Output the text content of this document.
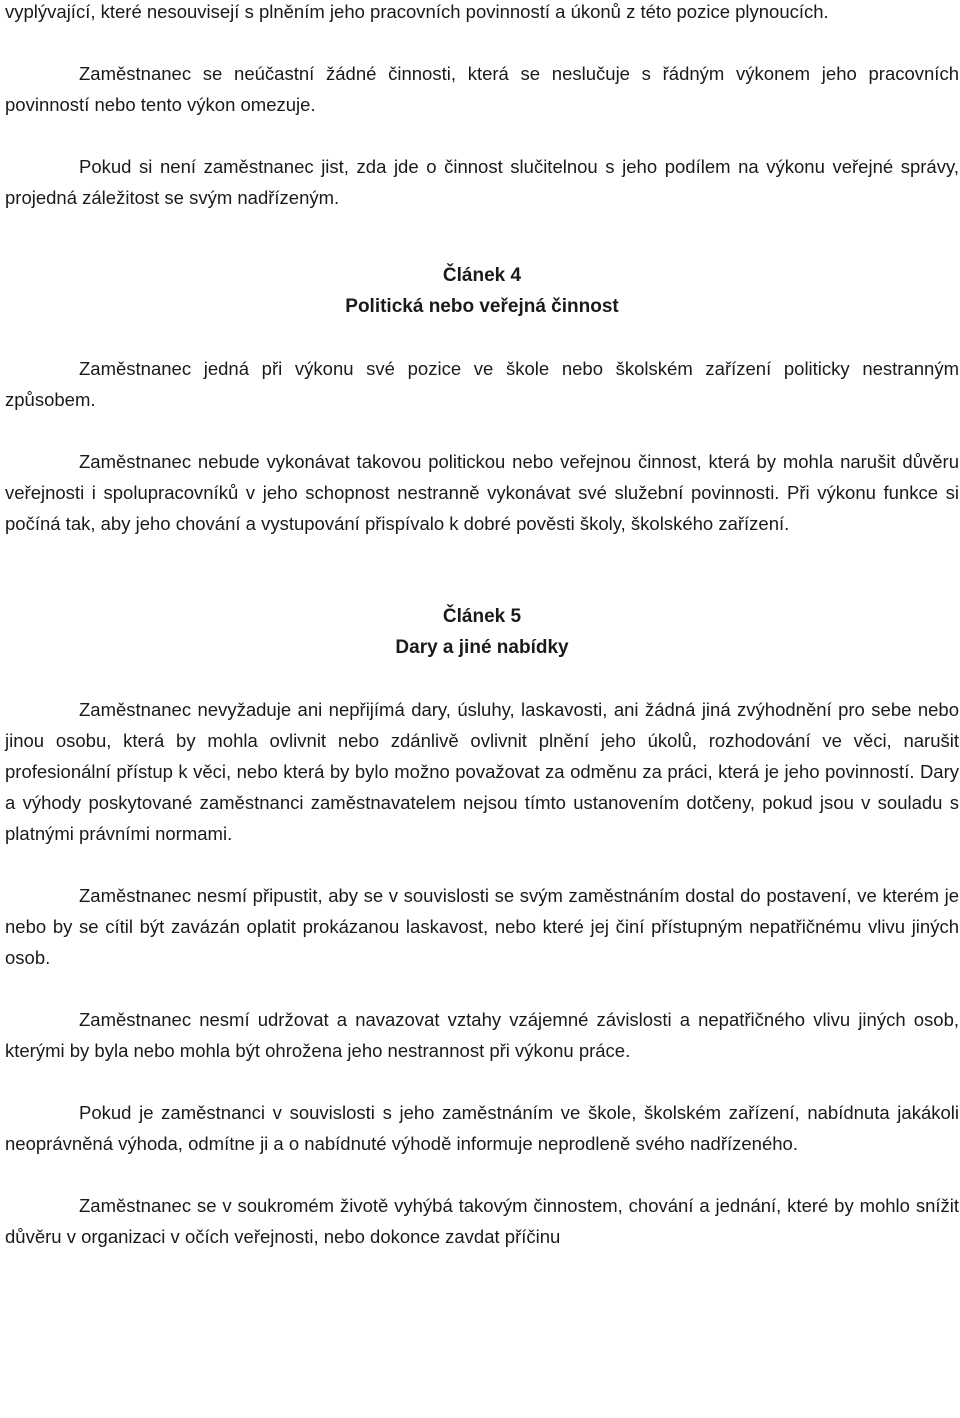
vyplývající, které nesouvisejí s plněním jeho pracovních povinností a úkonů z této pozice plynoucích.

Zaměstnanec se neúčastní žádné činnosti, která se neslučuje s řádným výkonem jeho pracovních povinností nebo tento výkon omezuje.

Pokud si není zaměstnanec jist, zda jde o činnost slučitelnou s jeho podílem na výkonu veřejné správy, projedná záležitost se svým nadřízeným.

Článek 4
Politická nebo veřejná činnost

Zaměstnanec jedná při výkonu své pozice ve škole nebo školském zařízení politicky nestranným způsobem.

Zaměstnanec nebude vykonávat takovou politickou nebo veřejnou činnost, která by mohla narušit důvěru veřejnosti i spolupracovníků v jeho schopnost nestranně vykonávat své služební povinnosti. Při výkonu funkce si počíná tak, aby jeho chování a vystupování přispívalo k dobré pověsti školy, školského zařízení.

Článek 5
Dary a jiné nabídky

Zaměstnanec nevyžaduje ani nepřijímá dary, úsluhy, laskavosti, ani žádná jiná zvýhodnění pro sebe nebo jinou osobu, která by mohla ovlivnit nebo zdánlivě ovlivnit plnění jeho úkolů, rozhodování ve věci, narušit profesionální přístup k věci, nebo která by bylo možno považovat za odměnu za práci, která je jeho povinností. Dary a výhody poskytované zaměstnanci zaměstnavatelem nejsou tímto ustanovením dotčeny, pokud jsou v souladu s platnými právními normami.

Zaměstnanec nesmí připustit, aby se v souvislosti se svým zaměstnáním dostal do postavení, ve kterém je nebo by se cítil být zavázán oplatit prokázanou laskavost, nebo které jej činí přístupným nepatřičnému vlivu jiných osob.

Zaměstnanec nesmí udržovat a navazovat vztahy vzájemné závislosti a nepatřičného vlivu jiných osob, kterými by byla nebo mohla být ohrožena jeho nestrannost při výkonu práce.

Pokud je zaměstnanci v souvislosti s jeho zaměstnáním ve škole, školském zařízení, nabídnuta jakákoli neoprávněná výhoda, odmítne ji a o nabídnuté výhodě informuje neprodleně svého nadřízeného.

Zaměstnanec se v soukromém životě vyhýbá takovým činnostem, chování a jednání, které by mohlo snížit důvěru v organizaci v očích veřejnosti, nebo dokonce zavdat příčinu
